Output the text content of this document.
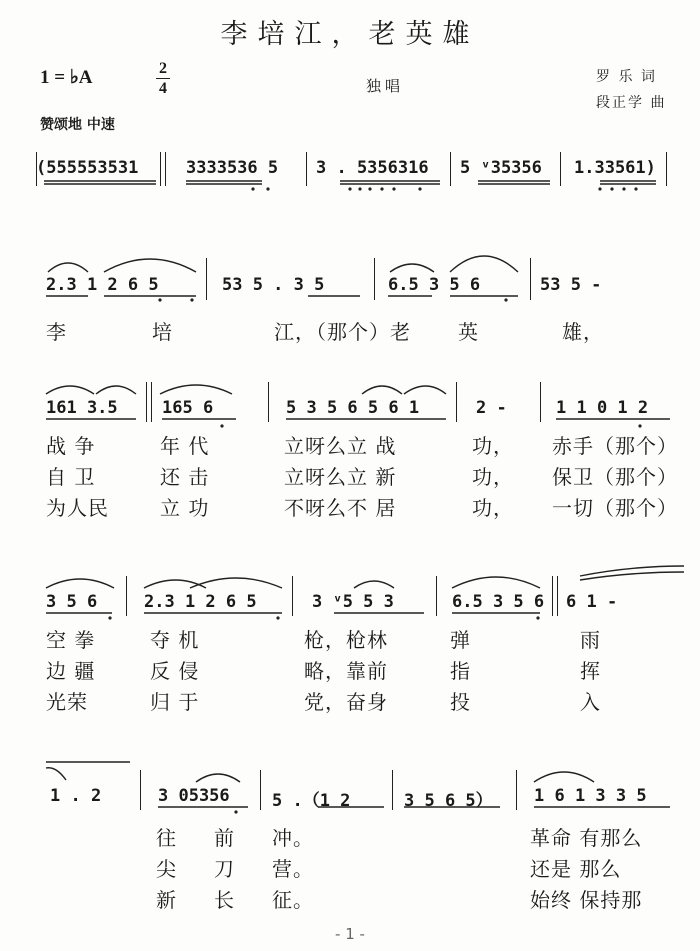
李培江，老英雄
1 = ♭A	2
4	独唱	罗 乐 词
段正学 曲
赞颂地 中速
(555553531	3333536 5 3 . 5356316 5 ᵛ35356 1.33561)
2.3 1 2 6 5	53 5 . 3 5	6.5 3 5 6	53 5 -
李	培	江，（那个）老 英	雄，
161 3.5	165 6	5 3 5 6 5 6 1	2 -	1 1 0 1 2
战 争	年 代	立呀么立 战	功， 赤手（那个）
自 卫	还 击	立呀么立 新	功， 保卫（那个）
为人民	立 功	不呀么不 居	功， 一切（那个）
3 5 6	2.3 1 2 6 5	3 ᵛ5 5 3	6.5 3 5 6 6 1 -
空 拳	夺 机	枪，枪林	弹	雨
边 疆	反 侵	略，靠前	指	挥
光荣	归 于	党，奋身	投	入
1 . 2	3 05356 5 .（1 2	3 5 6 5） 1 6 1 3 3 5
往 前 冲。	革命 有那么
尖 刀 营。	还是 那么
新 长 征。	始终 保持那
- 1 -
